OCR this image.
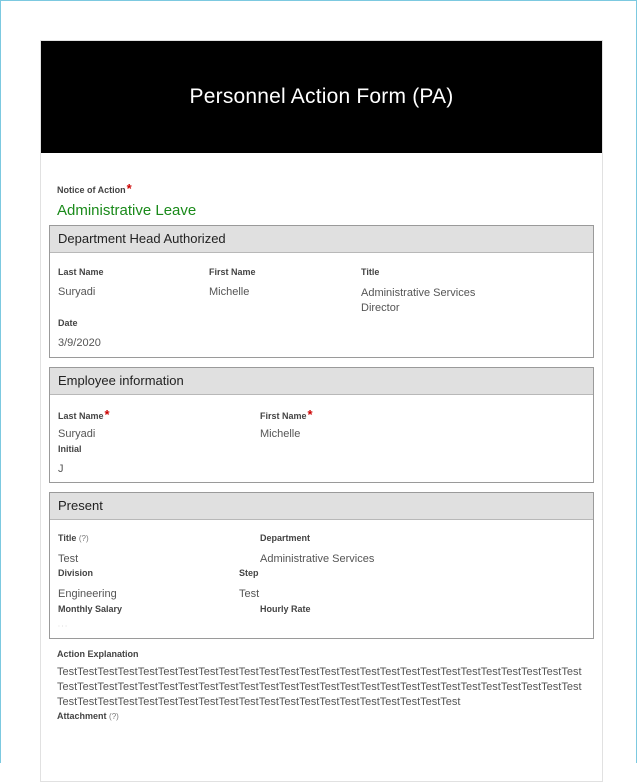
Personnel Action Form (PA)
Notice of Action*
Administrative Leave
Department Head Authorized
Last Name
Suryadi
First Name
Michelle
Title
Administrative Services
Director
Date
3/9/2020
Employee information
Last Name*
Suryadi
First Name*
Michelle
Initial
J
Present
Title (?)
Test
Department
Administrative Services
Division
Engineering
Step
Test
Monthly Salary
⋅ ⋅ ⋅
Hourly Rate
Action Explanation
TestTestTestTestTestTestTestTestTestTestTestTestTestTestTestTestTestTestTestTestTestTestTestTestTestTestTestTestTestTestTestTestTestTestTestTestTestTestTestTestTestTestTestTestTestTestTestTestTestTestTestTestTestTestTestTestTestTestTestTestTestTestTestTestTestTestTestTestTestTestTestTest
Attachment (?)
